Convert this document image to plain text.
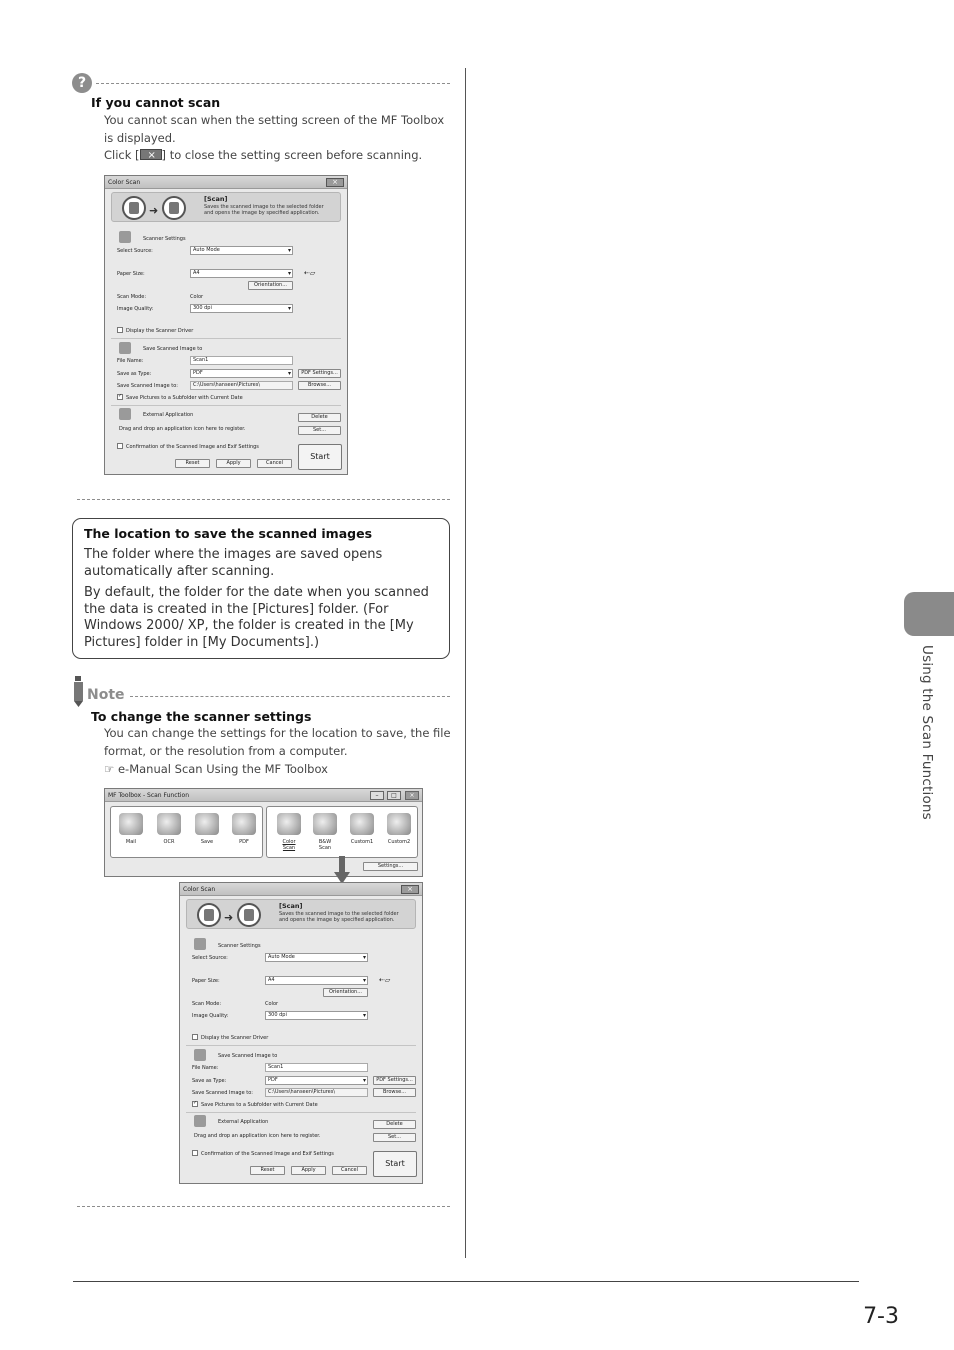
7-3
Using the Scan Functions
?
If you cannot scan
You cannot scan when the setting screen of the MF Toolbox is displayed.
Click [× ] to close the setting screen before scanning.
Color Scan	×
➜
[Scan]
Saves the scanned image to the selected folder
and opens the image by specified application.
Scanner Settings
Select Source:	Auto Mode ▾
Paper Size:	A4 ▾	⇠▱
Orientation...
Scan Mode:	Color
Image Quality:	300 dpi ▾
Display the Scanner Driver
Save Scanned Image to
File Name:	Scan1
Save as Type:	PDF ▾	PDF Settings...
Save Scanned Image to:	C:\Users\hanseen\Pictures\	Browse...
✓
Save Pictures to a Subfolder with Current Date
External Application	Delete
Drag and drop an application icon here to register.	Set...
Confirmation of the Scanned Image and Exif Settings
Reset	Apply	Cancel
Start
The location to save the scanned images
The folder where the images are saved opens automatically after scanning.
By default, the folder for the date when you scanned the data is created in the [Pictures] folder. (For Windows 2000/ XP, the folder is created in the [My Pictures] folder in [My Documents].)
Note
To change the scanner settings
You can change the settings for the location to save, the file format, or the resolution from a computer.
☞ e-Manual Scan Using the MF Toolbox
MF Toolbox - Scan Function	–	□	×
Mail	OCR	Save	PDF	Color
Scan
B&W
Scan
Custom1	Custom2
Settings...
Color Scan	×
➜
[Scan]
Saves the scanned image to the selected folder
and opens the image by specified application.
Scanner Settings
Select Source:	Auto Mode ▾
Paper Size:	A4 ▾	⇠▱
Orientation...
Scan Mode:	Color
Image Quality:	300 dpi ▾
Display the Scanner Driver
Save Scanned Image to
File Name:	Scan1
Save as Type:	PDF ▾	PDF Settings...
Save Scanned Image to:	C:\Users\hanseen\Pictures\	Browse...
✓
Save Pictures to a Subfolder with Current Date
External Application	Delete
Drag and drop an application icon here to register.	Set...
Confirmation of the Scanned Image and Exif Settings
Reset	Apply	Cancel
Start
